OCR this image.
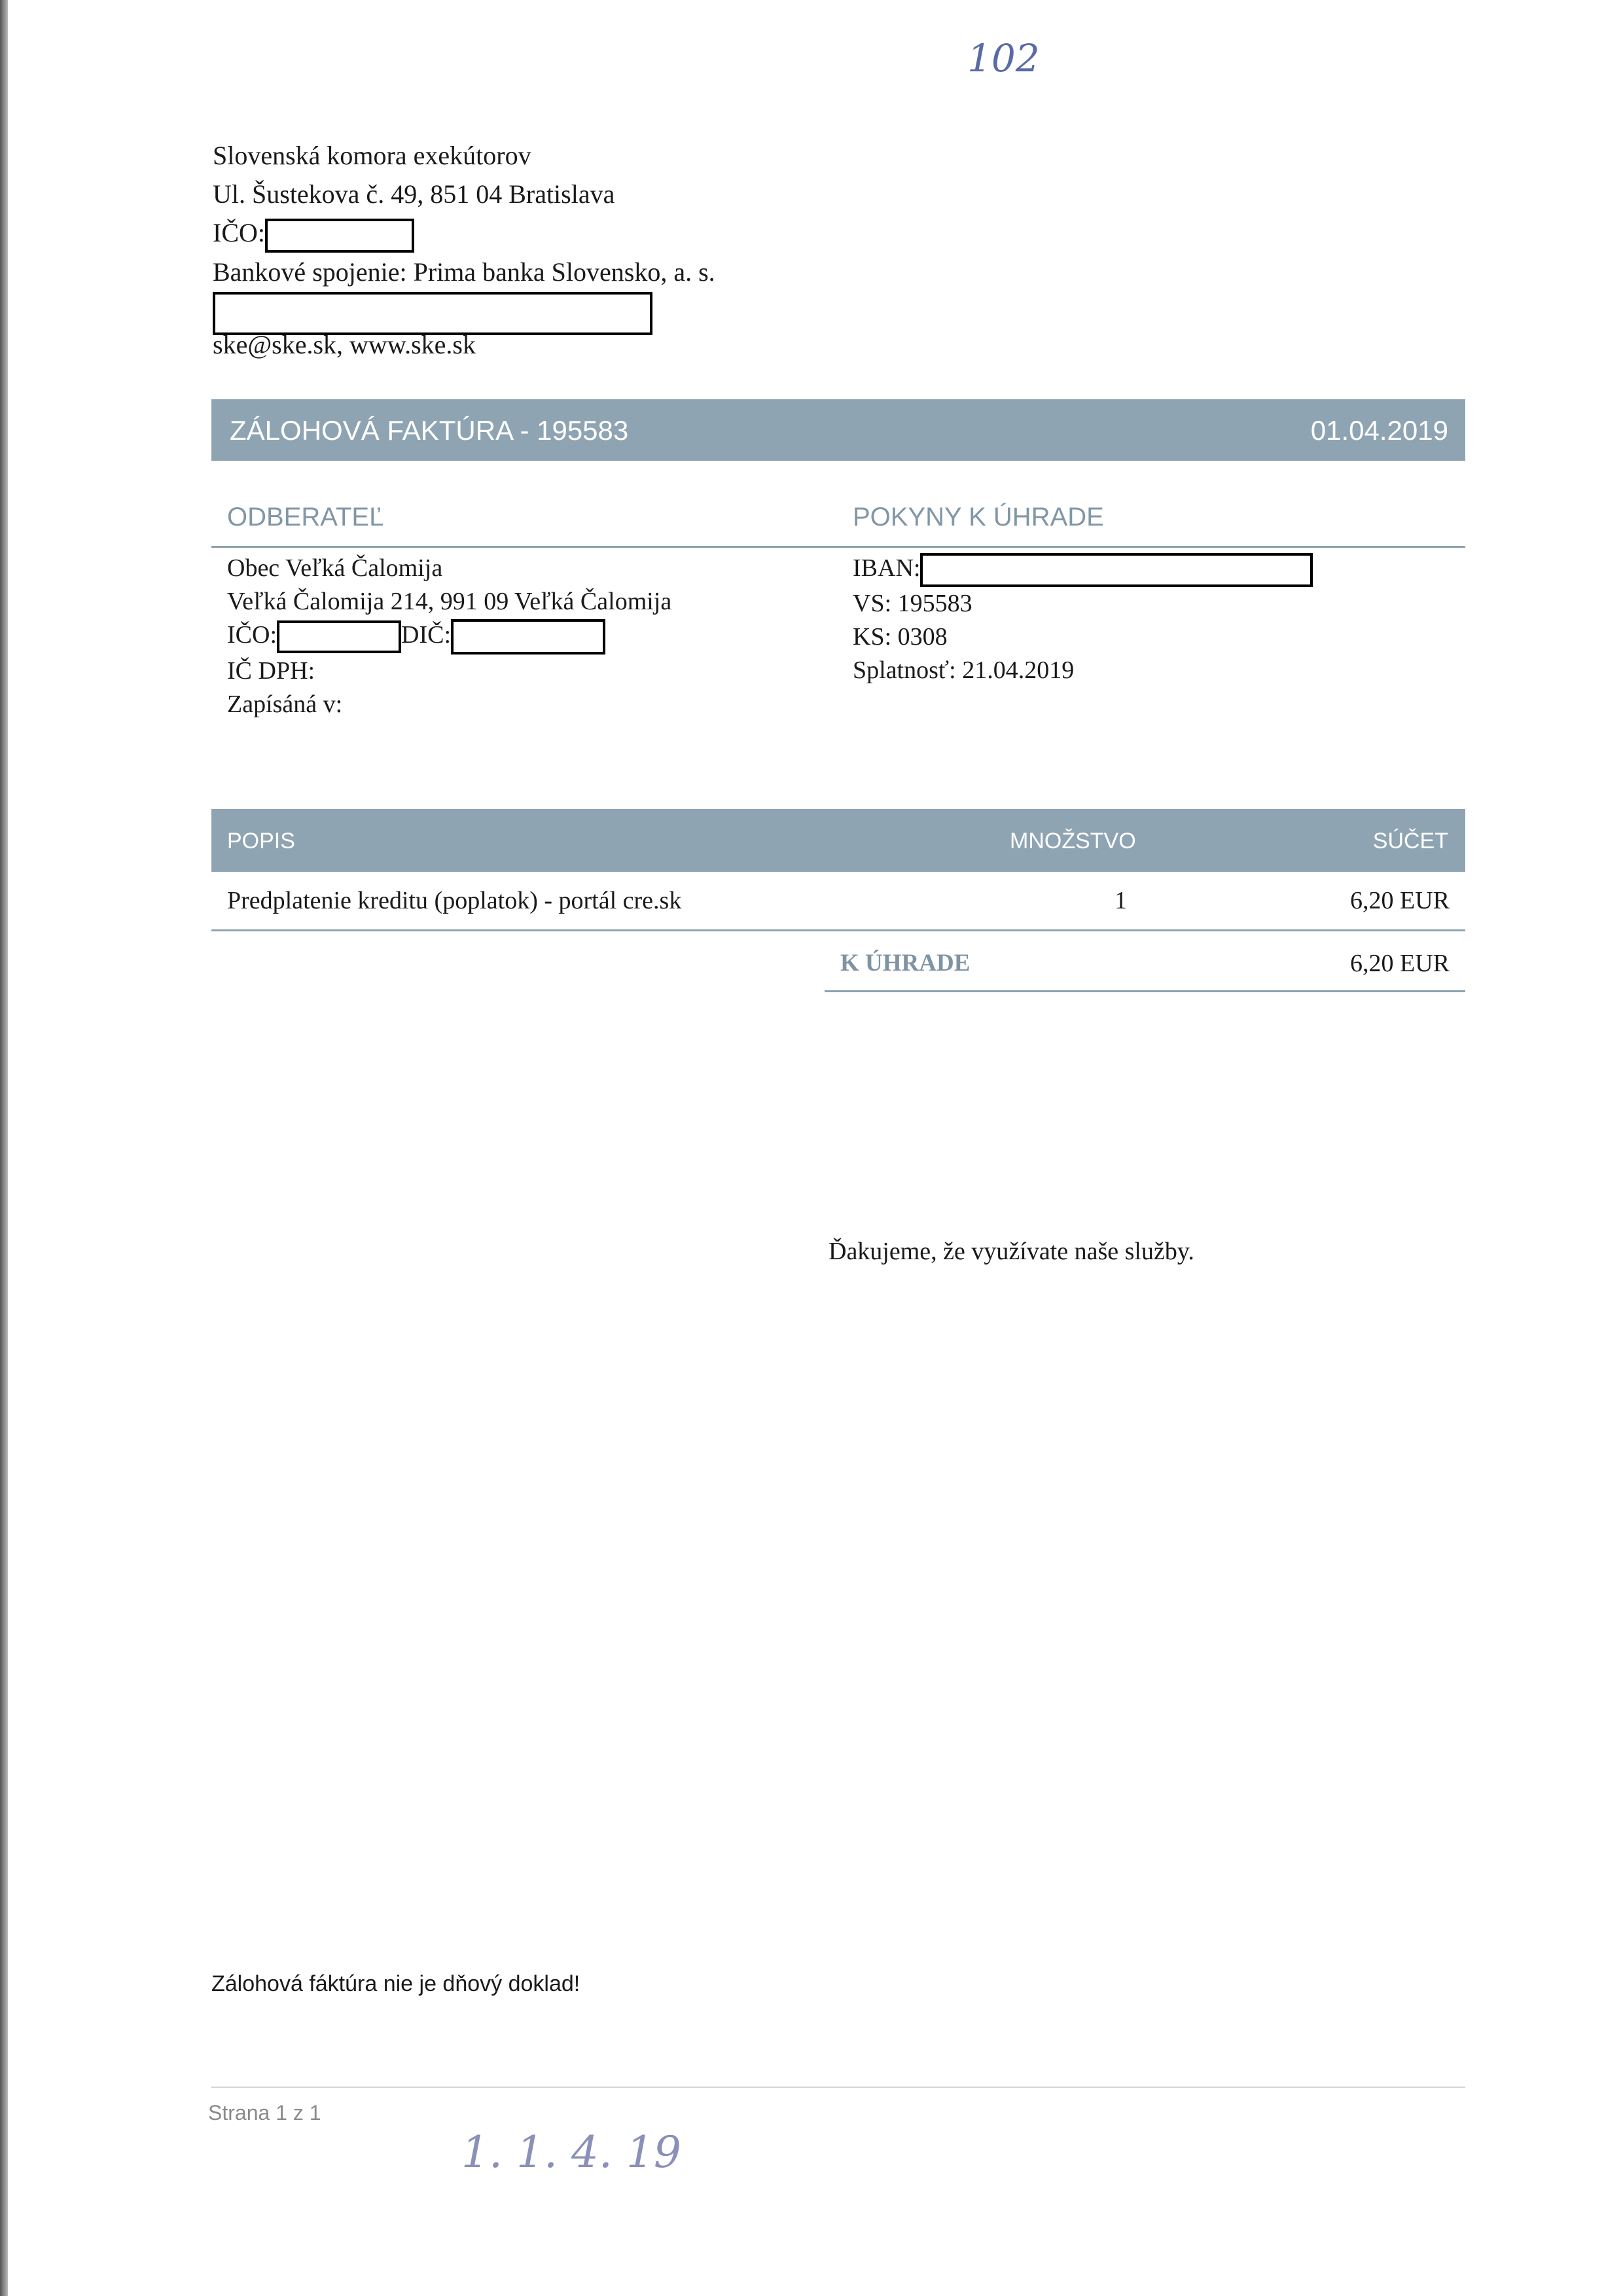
102
Slovenská komora exekútorov
Ul. Šustekova č. 49, 851 04 Bratislava
IČO:
Bankové spojenie: Prima banka Slovensko, a. s.
ske@ske.sk, www.ske.sk
ZÁLOHOVÁ FAKTÚRA - 195583	01.04.2019
ODBERATEĽ	POKYNY K ÚHRADE
Obec Veľká Čalomija
Veľká Čalomija 214, 991 09 Veľká Čalomija
IČO:	DIČ:
IČ DPH:
Zapísáná v:
IBAN:
VS: 195583
KS: 0308
Splatnosť: 21.04.2019
POPIS	MNOŽSTVO	SÚČET
Predplatenie kreditu (poplatok) - portál cre.sk	1	6,20 EUR
K ÚHRADE	6,20 EUR
Ďakujeme, že využívate naše služby.
Zálohová fáktúra nie je dňový doklad!
Strana 1 z 1
1. 1. 4. 19
